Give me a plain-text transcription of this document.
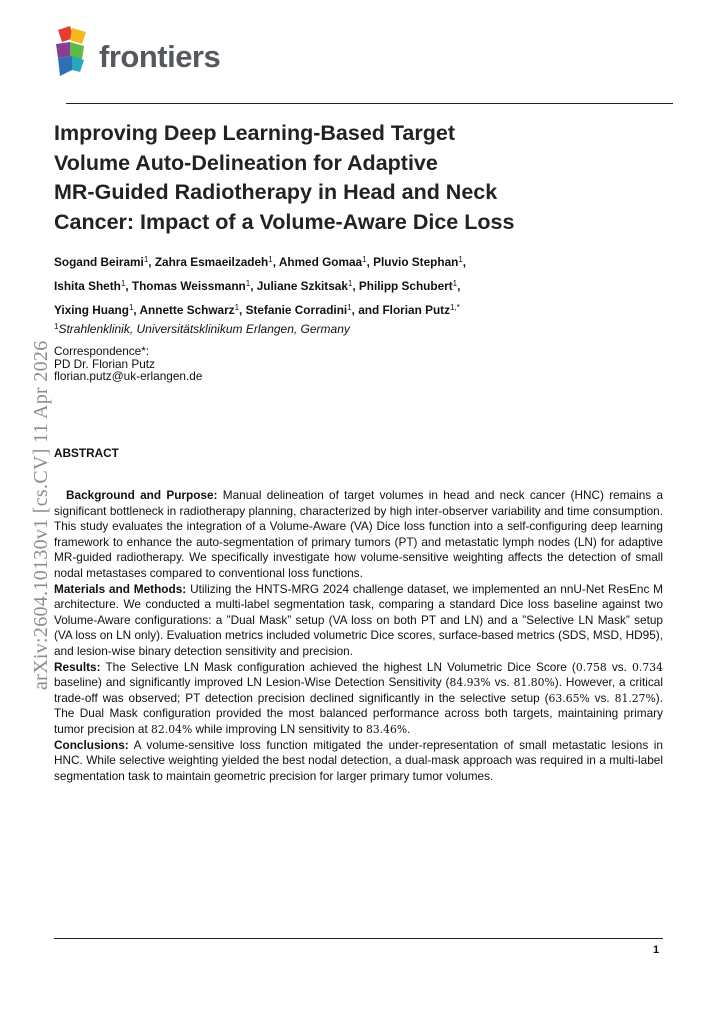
frontiers
Improving Deep Learning-Based Target
Volume Auto-Delineation for Adaptive
MR-Guided Radiotherapy in Head and Neck
Cancer: Impact of a Volume-Aware Dice Loss
Sogand Beirami$^1$, Zahra Esmaeilzadeh$^1$, Ahmed Gomaa$^1$, Pluvio Stephan$^1$,
Ishita Sheth$^1$, Thomas Weissmann$^1$, Juliane Szkitsak$^1$, Philipp Schubert$^1$,
Yixing Huang$^1$, Annette Schwarz$^1$, Stefanie Corradini$^1$, and Florian Putz$^{1,*}$
$^1$Strahlenklinik, Universitätsklinikum Erlangen, Germany
Correspondence*:
PD Dr. Florian Putz
florian.putz@uk-erlangen.de
ABSTRACT

Background and Purpose: Manual delineation of target volumes in head and neck cancer (HNC) remains a significant bottleneck in radiotherapy planning, characterized by high inter-observer variability and time consumption. This study evaluates the integration of a Volume-Aware (VA) Dice loss function into a self-configuring deep learning framework to enhance the auto-segmentation of primary tumors (PT) and metastatic lymph nodes (LN) for adaptive MR-guided radiotherapy. We specifically investigate how volume-sensitive weighting affects the detection of small nodal metastases compared to conventional loss functions.

Materials and Methods: Utilizing the HNTS-MRG 2024 challenge dataset, we implemented an nnU-Net ResEnc M architecture. We conducted a multi-label segmentation task, comparing a standard Dice loss baseline against two Volume-Aware configurations: a ”Dual Mask” setup (VA loss on both PT and LN) and a ”Selective LN Mask” setup (VA loss on LN only). Evaluation metrics included volumetric Dice scores, surface-based metrics (SDS, MSD, HD95), and lesion-wise binary detection sensitivity and precision.

Results: The Selective LN Mask configuration achieved the highest LN Volumetric Dice Score (0.758 vs. 0.734 baseline) and significantly improved LN Lesion-Wise Detection Sensitivity (84.93% vs. 81.80%). However, a critical trade-off was observed; PT detection precision declined significantly in the selective setup (63.65% vs. 81.27%). The Dual Mask configuration provided the most balanced performance across both targets, maintaining primary tumor precision at 82.04% while improving LN sensitivity to 83.46%.

Conclusions: A volume-sensitive loss function mitigated the under-representation of small metastatic lesions in HNC. While selective weighting yielded the best nodal detection, a dual-mask approach was required in a multi-label segmentation task to maintain geometric precision for larger primary tumor volumes.

1
arXiv:2604.10130v1 [cs.CV] 11 Apr 2026
